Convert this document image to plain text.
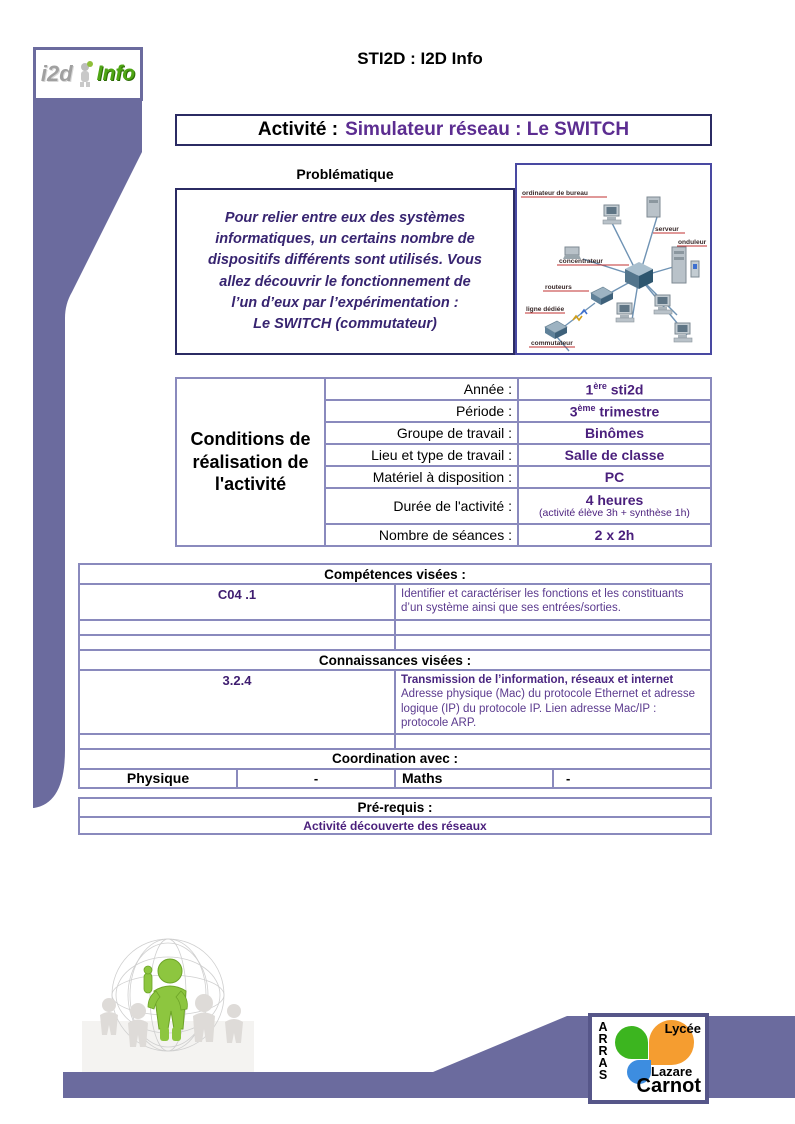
i2d Info
STI2D : I2D Info
Activité : Simulateur réseau : Le SWITCH
Problématique
Pour relier entre eux des systèmes
informatiques, un certains nombre de
dispositifs différents sont utilisés. Vous
allez découvrir le fonctionnement de
l’un d’eux par l’expérimentation :
Le SWITCH (commutateur)
ordinateur de bureau
concentrateur
serveur
onduleur
routeurs
ligne dédiée
commutateur
Conditions de réalisation de l'activité	Année :	1ère sti2d
	Période :	3ème trimestre
	Groupe de travail :	Binômes
	Lieu et type de travail :	Salle de classe
	Matériel à disposition :	PC
	Durée de l'activité :	4 heures
(activité élève 3h + synthèse 1h)

	Nombre de séances :	2 x 2h
Compétences visées :	
C04 .1	Identifier et caractériser les fonctions et les constituants d’un système ainsi que ses entrées/sorties.

Connaissances visées :	
3.2.4	Transmission de l’information, réseaux et internet
Adresse physique (Mac) du protocole Ethernet et adresse logique (IP) du protocole IP. Lien adresse Mac/IP : protocole ARP.

Coordination avec :
Physique	-	Maths	-
Pré-requis :
Activité découverte des réseaux
ARRAS	Lycée
Lazare
Carnot
